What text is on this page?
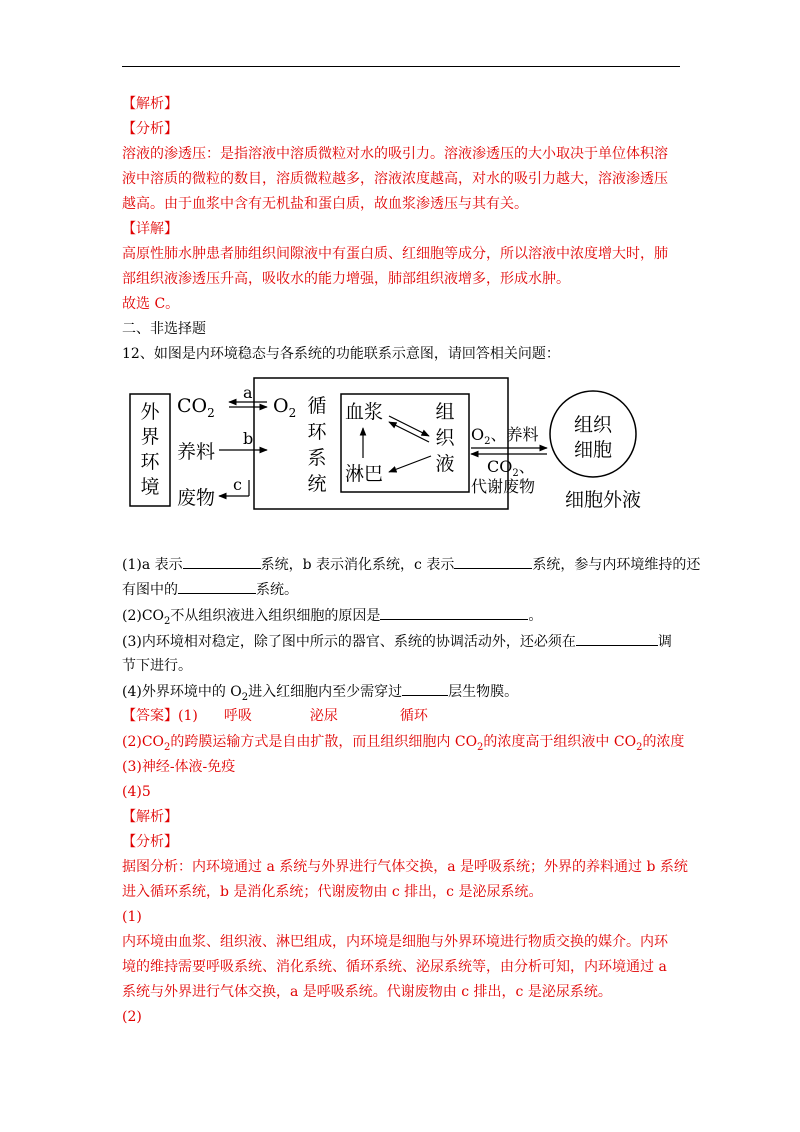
【解析】
【分析】
溶液的渗透压：是指溶液中溶质微粒对水的吸引力。溶液渗透压的大小取决于单位体积溶
液中溶质的微粒的数目，溶质微粒越多，溶液浓度越高，对水的吸引力越大，溶液渗透压
越高。由于血浆中含有无机盐和蛋白质，故血浆渗透压与其有关。
【详解】
高原性肺水肿患者肺组织间隙液中有蛋白质、红细胞等成分，所以溶液中浓度增大时，肺
部组织液渗透压升高，吸收水的能力增强，肺部组织液增多，形成水肿。
故选 C。
二、非选择题
12、如图是内环境稳态与各系统的功能联系示意图，请回答相关问题：
外
界
环
境
$CO_2$
a
$O_2$
养料
b
废物
c
循
环
系
统
血浆
淋巴
组
织
液
$O_2$、养料
$CO_2$、
代谢废物
组织
细胞
细胞外液
(1)a 表示	系统，b 表示消化系统，c 表示	系统，参与内环境维持的还
有图中的	系统。
$(2)CO_2$不从组织液进入组织细胞的原因是	。
(3)内环境相对稳定，除了图中所示的器官、系统的协调活动外，还必须在	调
节下进行。
(4)外界环境中的 $O_2$进入红细胞内至少需穿过	层生物膜。
【答案】(1) 呼吸	泌尿	循环
$(2)CO_2$的跨膜运输方式是自由扩散，而且组织细胞内 $CO_2$的浓度高于组织液中 $CO_2$的浓度
(3)神经-体液-免疫
(4)5
【解析】
【分析】
据图分析：内环境通过 a 系统与外界进行气体交换，a 是呼吸系统；外界的养料通过 b 系统
进入循环系统，b 是消化系统；代谢废物由 c 排出，c 是泌尿系统。
(1)
内环境由血浆、组织液、淋巴组成，内环境是细胞与外界环境进行物质交换的媒介。内环
境的维持需要呼吸系统、消化系统、循环系统、泌尿系统等，由分析可知，内环境通过 a
系统与外界进行气体交换，a 是呼吸系统。代谢废物由 c 排出，c 是泌尿系统。
(2)
